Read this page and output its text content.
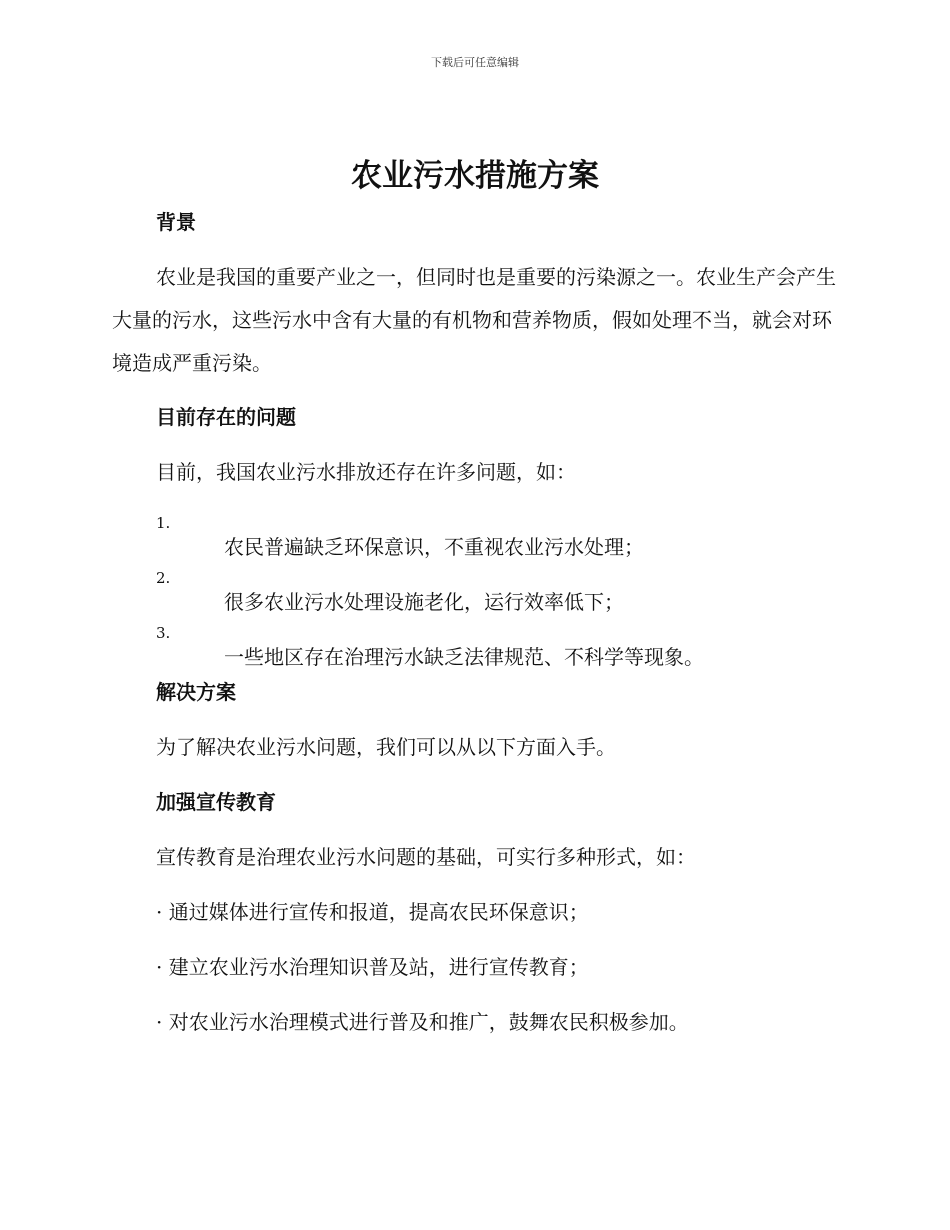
下载后可任意编辑
农业污水措施方案
背景

农业是我国的重要产业之一，但同时也是重要的污染源之一。农业生产会产生大量的污水，这些污水中含有大量的有机物和营养物质，假如处理不当，就会对环境造成严重污染。

目前存在的问题

目前，我国农业污水排放还存在许多问题，如：

1.

农民普遍缺乏环保意识，不重视农业污水处理；

2.

很多农业污水处理设施老化，运行效率低下；

3.

一些地区存在治理污水缺乏法律规范、不科学等现象。

解决方案

为了解决农业污水问题，我们可以从以下方面入手。

加强宣传教育

宣传教育是治理农业污水问题的基础，可实行多种形式，如：

· 通过媒体进行宣传和报道，提高农民环保意识；

· 建立农业污水治理知识普及站，进行宣传教育；

· 对农业污水治理模式进行普及和推广，鼓舞农民积极参加。
